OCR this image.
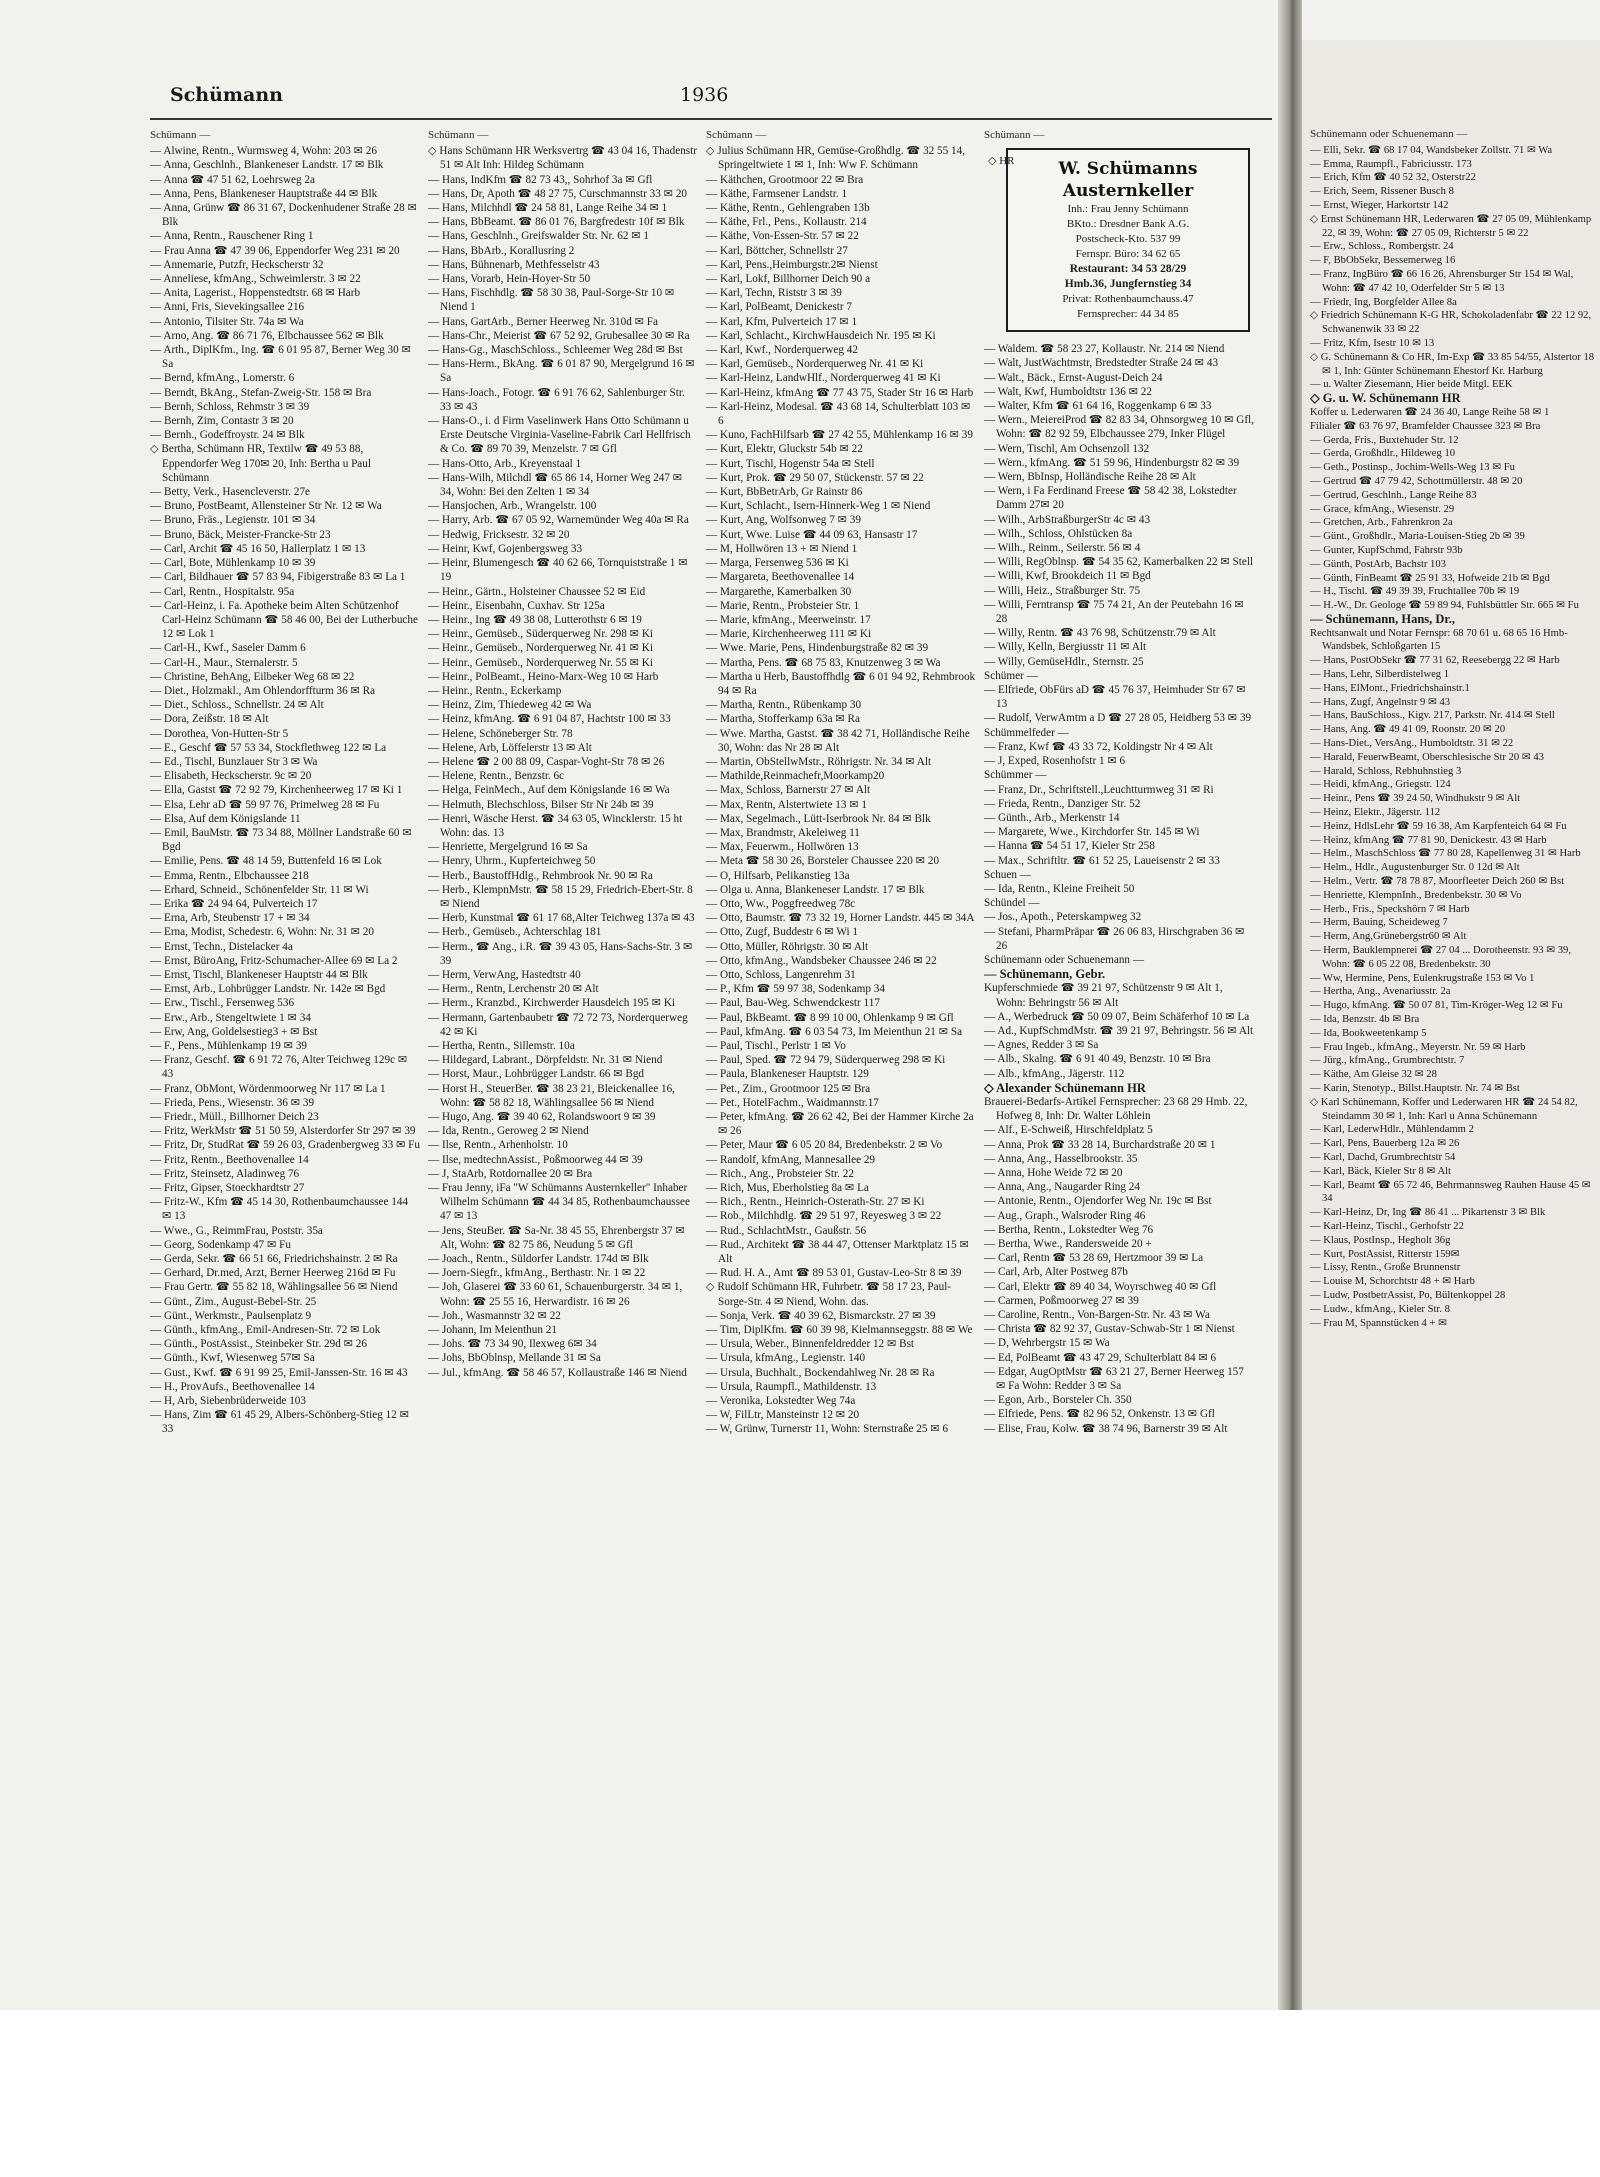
Schümann	1936
Schümann —
— Alwine, Rentn., Wurmsweg 4, Wohn: 203 ✉ 26
— Anna, Geschlnh., Blankeneser Landstr. 17 ✉ Blk
— Anna ☎ 47 51 62, Loehrsweg 2a
— Anna, Pens, Blankeneser Hauptstraße 44 ✉ Blk
— Anna, Grünw ☎ 86 31 67, Dockenhudener Straße 28 ✉ Blk
— Anna, Rentn., Rauschener Ring 1
— Frau Anna ☎ 47 39 06, Eppendorfer Weg 231 ✉ 20
— Annemarie, Putzfr, Heckscherstr 32
— Anneliese, kfmAng., Schweimlerstr. 3 ✉ 22
— Anita, Lagerist., Hoppenstedtstr. 68 ✉ Harb
— Anni, Fris, Sievekingsallee 216
— Antonio, Tilsiter Str. 74a ✉ Wa
— Arno, Ang. ☎ 86 71 76, Elbchaussee 562 ✉ Blk
— Arth., DiplKfm., Ing. ☎ 6 01 95 87, Berner Weg 30 ✉ Sa
— Bernd, kfmAng., Lomerstr. 6
— Berndt, BkAng., Stefan-Zweig-Str. 158 ✉ Bra
— Bernh, Schloss, Rehmstr 3 ✉ 39
— Bernh, Zim, Contastr 3 ✉ 20
— Bernh., Godeffroystr. 24 ✉ Blk
◇ Bertha, Schümann HR, Textilw ☎ 49 53 88, Eppendorfer Weg 170✉ 20, Inh: Bertha u Paul Schümann
— Betty, Verk., Hasencleverstr. 27e
— Bruno, PostBeamt, Allensteiner Str Nr. 12 ✉ Wa
— Bruno, Fräs., Legienstr. 101 ✉ 34
— Bruno, Bäck, Meister-Francke-Str 23
— Carl, Archit ☎ 45 16 50, Hallerplatz 1 ✉ 13
— Carl, Bote, Mühlenkamp 10 ✉ 39
— Carl, Bildhauer ☎ 57 83 94, Fibigerstraße 83 ✉ La 1
— Carl, Rentn., Hospitalstr. 95a
— Carl-Heinz, i. Fa. Apotheke beim Alten Schützenhof Carl-Heinz Schümann ☎ 58 46 00, Bei der Lutherbuche 12 ✉ Lok 1
— Carl-H., Kwf., Saseler Damm 6
— Carl-H., Maur., Sternalerstr. 5
— Christine, BehAng, Eilbeker Weg 68 ✉ 22
— Diet., Holzmakl., Am Ohlendorffturm 36 ✉ Ra
— Diet., Schloss., Schnellstr. 24 ✉ Alt
— Dora, Zeißstr. 18 ✉ Alt
— Dorothea, Von-Hutten-Str 5
— E., Geschf ☎ 57 53 34, Stockflethweg 122 ✉ La
— Ed., Tischl, Bunzlauer Str 3 ✉ Wa
— Elisabeth, Heckscherstr. 9c ✉ 20
— Ella, Gastst ☎ 72 92 79, Kirchenheerweg 17 ✉ Ki 1
— Elsa, Lehr aD ☎ 59 97 76, Primelweg 28 ✉ Fu
— Elsa, Auf dem Königslande 11
— Emil, BauMstr. ☎ 73 34 88, Möllner Landstraße 60 ✉ Bgd
— Emilie, Pens. ☎ 48 14 59, Buttenfeld 16 ✉ Lok
— Emma, Rentn., Elbchaussee 218
— Erhard, Schneid., Schönenfelder Str. 11 ✉ Wi
— Erika ☎ 24 94 64, Pulverteich 17
— Erna, Arb, Steubenstr 17 + ✉ 34
— Erna, Modist, Schedestr. 6, Wohn: Nr. 31 ✉ 20
— Ernst, Techn., Distelacker 4a
— Ernst, BüroAng, Fritz-Schumacher-Allee 69 ✉ La 2
— Ernst, Tischl, Blankeneser Hauptstr 44 ✉ Blk
— Ernst, Arb., Lohbrügger Landstr. Nr. 142e ✉ Bgd
— Erw., Tischl., Fersenweg 536
— Erw., Arb., Stengeltwiete 1 ✉ 34
— Erw, Ang, Goldelsestieg3 + ✉ Bst
— F., Pens., Mühlenkamp 19 ✉ 39
— Franz, Geschf. ☎ 6 91 72 76, Alter Teichweg 129c ✉ 43
— Franz, ObMont, Wördenmoorweg Nr 117 ✉ La 1
— Frieda, Pens., Wiesenstr. 36 ✉ 39
— Friedr., Müll., Billhorner Deich 23
— Fritz, WerkMstr ☎ 51 50 59, Alsterdorfer Str 297 ✉ 39
— Fritz, Dr, StudRat ☎ 59 26 03, Gradenbergweg 33 ✉ Fu
— Fritz, Rentn., Beethovenallee 14
— Fritz, Steinsetz, Aladinweg 76
— Fritz, Gipser, Stoeckhardtstr 27
— Fritz-W., Kfm ☎ 45 14 30, Rothenbaumchaussee 144 ✉ 13
— Wwe., G., ReimmFrau, Poststr. 35a
— Georg, Sodenkamp 47 ✉ Fu
— Gerda, Sekr. ☎ 66 51 66, Friedrichshainstr. 2 ✉ Ra
— Gerhard, Dr.med, Arzt, Berner Heerweg 216d ✉ Fu
— Frau Gertr. ☎ 55 82 18, Wählingsallee 56 ✉ Niend
— Günt., Zim., August-Bebel-Str. 25
— Günt., Werkmstr., Paulsenplatz 9
— Günth., kfmAng., Emil-Andresen-Str. 72 ✉ Lok
— Günth., PostAssist., Steinbeker Str. 29d ✉ 26
— Günth., Kwf, Wiesenweg 57✉ Sa
— Gust., Kwf. ☎ 6 91 99 25, Emil-Janssen-Str. 16 ✉ 43
— H., ProvAufs., Beethovenallee 14
— H, Arb, Siebenbrüderweide 103
— Hans, Zim ☎ 61 45 29, Albers-Schönberg-Stieg 12 ✉ 33
Schümann —
◇ Hans Schümann HR Werksvertrg ☎ 43 04 16, Thadenstr 51 ✉ Alt Inh: Hildeg Schümann
— Hans, IndKfm ☎ 82 73 43,, Sohrhof 3a ✉ Gfl
— Hans, Dr, Apoth ☎ 48 27 75, Curschmannstr 33 ✉ 20
— Hans, Milchhdl ☎ 24 58 81, Lange Reihe 34 ✉ 1
— Hans, BbBeamt. ☎ 86 01 76, Bargfredestr 10f ✉ Blk
— Hans, Geschlnh., Greifswalder Str. Nr. 62 ✉ 1
— Hans, BbArb., Korallusring 2
— Hans, Bühnenarb, Methfesselstr 43
— Hans, Vorarb, Hein-Hoyer-Str 50
— Hans, Fischhdlg. ☎ 58 30 38, Paul-Sorge-Str 10 ✉ Niend 1
— Hans, GartArb., Berner Heerweg Nr. 310d ✉ Fa
— Hans-Chr., Meierist ☎ 67 52 92, Grubesallee 30 ✉ Ra
— Hans-Gg., MaschSchloss., Schleemer Weg 28d ✉ Bst
— Hans-Herm., BkAng. ☎ 6 01 87 90, Mergelgrund 16 ✉ Sa
— Hans-Joach., Fotogr. ☎ 6 91 76 62, Sahlenburger Str. 33 ✉ 43
— Hans-O., i. d Firm Vaselinwerk Hans Otto Schümann u Erste Deutsche Virginia-Vaseline-Fabrik Carl Hellfrisch & Co. ☎ 89 70 39, Menzelstr. 7 ✉ Gfl
— Hans-Otto, Arb., Kreyenstaal 1
— Hans-Wilh, Milchdl ☎ 65 86 14, Horner Weg 247 ✉ 34, Wohn: Bei den Zelten 1 ✉ 34
— Hansjochen, Arb., Wrangelstr. 100
— Harry, Arb. ☎ 67 05 92, Warnemünder Weg 40a ✉ Ra
— Hedwig, Fricksestr. 32 ✉ 20
— Heinr, Kwf, Gojenbergsweg 33
— Heinr, Blumengesch ☎ 40 62 66, Tornquiststraße 1 ✉ 19
— Heinr., Gärtn., Holsteiner Chaussee 52 ✉ Eid
— Heinr., Eisenbahn, Cuxhav. Str 125a
— Heinr., Ing ☎ 49 38 08, Lutterothstr 6 ✉ 19
— Heinr., Gemüseb., Süderquerweg Nr. 298 ✉ Ki
— Heinr., Gemüseb., Norderquerweg Nr. 41 ✉ Ki
— Heinr., Gemüseb., Norderquerweg Nr. 55 ✉ Ki
— Heinr., PolBeamt., Heino-Marx-Weg 10 ✉ Harb
— Heinr., Rentn., Eckerkamp
— Heinz, Zim, Thiedeweg 42 ✉ Wa
— Heinz, kfmAng. ☎ 6 91 04 87, Hachtstr 100 ✉ 33
— Helene, Schöneberger Str. 78
— Helene, Arb, Löffelerstr 13 ✉ Alt
— Helene ☎ 2 00 88 09, Caspar-Voght-Str 78 ✉ 26
— Helene, Rentn., Benzstr. 6c
— Helga, FeinMech., Auf dem Königslande 16 ✉ Wa
— Helmuth, Blechschloss, Bilser Str Nr 24b ✉ 39
— Henri, Wäsche Herst. ☎ 34 63 05, Wincklerstr. 15 ht Wohn: das. 13
— Henriette, Mergelgrund 16 ✉ Sa
— Henry, Uhrm., Kupferteichweg 50
— Herb., BaustoffHdlg., Rehmbrook Nr. 90 ✉ Ra
— Herb., KlempnMstr. ☎ 58 15 29, Friedrich-Ebert-Str. 8 ✉ Niend
— Herb, Kunstmal ☎ 61 17 68,Alter Teichweg 137a ✉ 43
— Herb., Gemüseb., Achterschlag 181
— Herm., ☎ Ang., i.R. ☎ 39 43 05, Hans-Sachs-Str. 3 ✉ 39
— Herm, VerwAng, Hastedtstr 40
— Herm., Rentn, Lerchenstr 20 ✉ Alt
— Herm., Kranzbd., Kirchwerder Hausdeich 195 ✉ Ki
— Hermann, Gartenbaubetr ☎ 72 72 73, Norderquerweg 42 ✉ Ki
— Hertha, Rentn., Sillemstr. 10a
— Hildegard, Labrant., Dörpfeldstr. Nr. 31 ✉ Niend
— Horst, Maur., Lohbrügger Landstr. 66 ✉ Bgd
— Horst H., SteuerBer. ☎ 38 23 21, Bleickenallee 16, Wohn: ☎ 58 82 18, Wählingsallee 56 ✉ Niend
— Hugo, Ang. ☎ 39 40 62, Rolandswoort 9 ✉ 39
— Ida, Rentn., Geroweg 2 ✉ Niend
— Ilse, Rentn., Arhenholstr. 10
— Ilse, medtechnAssist., Poßmoorweg 44 ✉ 39
— J, StaArb, Rotdornallee 20 ✉ Bra
— Frau Jenny, iFa "W Schümanns Austernkeller" Inhaber Wilhelm Schümann ☎ 44 34 85, Rothenbaumchaussee 47 ✉ 13
— Jens, SteuBer. ☎ Sa-Nr. 38 45 55, Ehrenbergstr 37 ✉ Alt, Wohn: ☎ 82 75 86, Neudung 5 ✉ Gfl
— Joach., Rentn., Süldorfer Landstr. 174d ✉ Blk
— Joern-Siegfr., kfmAng., Berthastr. Nr. 1 ✉ 22
— Joh, Glaserei ☎ 33 60 61, Schauenburgerstr. 34 ✉ 1, Wohn: ☎ 25 55 16, Herwardistr. 16 ✉ 26
— Joh., Wasmannstr 32 ✉ 22
— Johann, Im Meienthun 21
— Johs. ☎ 73 34 90, Ilexweg 6✉ 34
— Johs, BbOblnsp, Mellande 31 ✉ Sa
— Jul., kfmAng. ☎ 58 46 57, Kollaustraße 146 ✉ Niend
Schümann —
◇ Julius Schümann HR, Gemüse-Großhdlg. ☎ 32 55 14, Springeltwiete 1 ✉ 1, Inh: Ww F. Schümann
— Käthchen, Grootmoor 22 ✉ Bra
— Käthe, Farmsener Landstr. 1
— Käthe, Rentn., Gehlengraben 13b
— Käthe, Frl., Pens., Kollaustr. 214
— Käthe, Von-Essen-Str. 57 ✉ 22
— Karl, Böttcher, Schnellstr 27
— Karl, Pens.,Heimburgstr.2✉ Nienst
— Karl, Lokf, Billhorner Deich 90 a
— Karl, Techn, Riststr 3 ✉ 39
— Karl, PolBeamt, Denickestr 7
— Karl, Kfm, Pulverteich 17 ✉ 1
— Karl, Schlacht., KirchwHausdeich Nr. 195 ✉ Ki
— Karl, Kwf., Norderquerweg 42
— Karl, Gemüseb., Norderquerweg Nr. 41 ✉ Ki
— Karl-Heinz, LandwHlf., Norderquerweg 41 ✉ Ki
— Karl-Heinz, kfmAng ☎ 77 43 75, Stader Str 16 ✉ Harb
— Karl-Heinz, Modesal. ☎ 43 68 14, Schulterblatt 103 ✉ 6
— Kuno, FachHilfsarb ☎ 27 42 55, Mühlenkamp 16 ✉ 39
— Kurt, Elektr, Gluckstr 54b ✉ 22
— Kurt, Tischl, Hogenstr 54a ✉ Stell
— Kurt, Prok. ☎ 29 50 07, Stückenstr. 57 ✉ 22
— Kurt, BbBetrArb, Gr Rainstr 86
— Kurt, Schlacht., Isern-Hinnerk-Weg 1 ✉ Niend
— Kurt, Ang, Wolfsonweg 7 ✉ 39
— Kurt, Wwe. Luise ☎ 44 09 63, Hansastr 17
— M, Hollwören 13 + ✉ Niend 1
— Marga, Fersenweg 536 ✉ Ki
— Margareta, Beethovenallee 14
— Margarethe, Kamerbalken 30
— Marie, Rentn., Probsteier Str. 1
— Marie, kfmAng., Meerweinstr. 17
— Marie, Kirchenheerweg 111 ✉ Ki
— Wwe. Marie, Pens, Hindenburgstraße 82 ✉ 39
— Martha, Pens. ☎ 68 75 83, Knutzenweg 3 ✉ Wa
— Martha u Herb, Baustoffhdlg ☎ 6 01 94 92, Rehmbrook 94 ✉ Ra
— Martha, Rentn., Rübenkamp 30
— Martha, Stofferkamp 63a ✉ Ra
— Wwe. Martha, Gastst. ☎ 38 42 71, Holländische Reihe 30, Wohn: das Nr 28 ✉ Alt
— Martin, ObStellwMstr., Röhrigstr. Nr. 34 ✉ Alt
— Mathilde,Reinmachefr,Moorkamp20
— Max, Schloss, Barnerstr 27 ✉ Alt
— Max, Rentn, Alstertwiete 13 ✉ 1
— Max, Segelmach., Lütt-Iserbrook Nr. 84 ✉ Blk
— Max, Brandmstr, Akeleiweg 11
— Max, Feuerwm., Hollwören 13
— Meta ☎ 58 30 26, Borsteler Chaussee 220 ✉ 20
— O, Hilfsarb, Pelikanstieg 13a
— Olga u. Anna, Blankeneser Landstr. 17 ✉ Blk
— Otto, Ww., Poggfreedweg 78c
— Otto, Baumstr. ☎ 73 32 19, Horner Landstr. 445 ✉ 34A
— Otto, Zugf, Buddestr 6 ✉ Wi 1
— Otto, Müller, Röhrigstr. 30 ✉ Alt
— Otto, kfmAng., Wandsbeker Chaussee 246 ✉ 22
— Otto, Schloss, Langenrehm 31
— P., Kfm ☎ 59 97 38, Sodenkamp 34
— Paul, Bau-Weg. Schwendckestr 117
— Paul, BkBeamt. ☎ 8 99 10 00, Ohlenkamp 9 ✉ Gfl
— Paul, kfmAng. ☎ 6 03 54 73, Im Meienthun 21 ✉ Sa
— Paul, Tischl., Perlstr 1 ✉ Vo
— Paul, Sped. ☎ 72 94 79, Süderquerweg 298 ✉ Ki
— Paula, Blankeneser Hauptstr. 129
— Pet., Zim., Grootmoor 125 ✉ Bra
— Pet., HotelFachm., Waidmannstr.17
— Peter, kfmAng. ☎ 26 62 42, Bei der Hammer Kirche 2a ✉ 26
— Peter, Maur ☎ 6 05 20 84, Bredenbekstr. 2 ✉ Vo
— Randolf, kfmAng, Mannesallee 29
— Rich., Ang., Probsteier Str. 22
— Rich, Mus, Eberholstieg 8a ✉ La
— Rich., Rentn., Heinrich-Osterath-Str. 27 ✉ Ki
— Rob., Milchhdlg. ☎ 29 51 97, Reyesweg 3 ✉ 22
— Rud., SchlachtMstr., Gaußstr. 56
— Rud., Architekt ☎ 38 44 47, Ottenser Marktplatz 15 ✉ Alt
— Rud. H. A., Amt ☎ 89 53 01, Gustav-Leo-Str 8 ✉ 39
◇ Rudolf Schümann HR, Fuhrbetr. ☎ 58 17 23, Paul-Sorge-Str. 4 ✉ Niend, Wohn. das.
— Sonja, Verk. ☎ 40 39 62, Bismarckstr. 27 ✉ 39
— Tim, DiplKfm. ☎ 60 39 98, Kielmannseggstr. 88 ✉ We
— Ursula, Weber., Binnenfeldredder 12 ✉ Bst
— Ursula, kfmAng., Legienstr. 140
— Ursula, Buchhalt., Bockendahlweg Nr. 28 ✉ Ra
— Ursula, Raumpfl., Mathildenstr. 13
— Veronika, Lokstedter Weg 74a
— W, FilLtr, Mansteinstr 12 ✉ 20
— W, Grünw, Turnerstr 11, Wohn: Sternstraße 25 ✉ 6
Schümann —
◇ HR	W. Schümanns
Austernkeller
Inh.: Frau Jenny Schümann
BKto.: Dresdner Bank A.G.
Postscheck-Kto. 537 99
Fernspr. Büro: 34 62 65
Restaurant: 34 53 28/29
Hmb.36, Jungfernstieg 34
Privat: Rothenbaumchauss.47
Fernsprecher: 44 34 85
— Waldem. ☎ 58 23 27, Kollaustr. Nr. 214 ✉ Niend
— Walt, JustWachtmstr, Bredstedter Straße 24 ✉ 43
— Walt., Bäck., Ernst-August-Deich 24
— Walt, Kwf, Humboldtstr 136 ✉ 22
— Walter, Kfm ☎ 61 64 16, Roggenkamp 6 ✉ 33
— Wern., MeiereiProd ☎ 82 83 34, Ohnsorgweg 10 ✉ Gfl, Wohn: ☎ 82 92 59, Elbchaussee 279, Inker Flügel
— Wern, Tischl, Am Ochsenzoll 132
— Wern., kfmAng. ☎ 51 59 96, Hindenburgstr 82 ✉ 39
— Wern, BbInsp, Holländische Reihe 28 ✉ Alt
— Wern, i Fa Ferdinand Freese ☎ 58 42 38, Lokstedter Damm 27✉ 20
— Wilh., ArbStraßburgerStr 4c ✉ 43
— Wilh., Schloss, Ohlstücken 8a
— Wilh., Reinm., Seilerstr. 56 ✉ 4
— Willi, RegOblnsp. ☎ 54 35 62, Kamerbalken 22 ✉ Stell
— Willi, Kwf, Brookdeich 11 ✉ Bgd
— Willi, Heiz., Straßburger Str. 75
— Willi, Ferntransp ☎ 75 74 21, An der Peutebahn 16 ✉ 28
— Willy, Rentn. ☎ 43 76 98, Schützenstr.79 ✉ Alt
— Willy, Kelln, Bergiusstr 11 ✉ Alt
— Willy, GemüseHdlr., Sternstr. 25
Schümer —
— Elfriede, ObFürs aD ☎ 45 76 37, Heimhuder Str 67 ✉ 13
— Rudolf, VerwAmtm a D ☎ 27 28 05, Heidberg 53 ✉ 39
Schümmelfeder —
— Franz, Kwf ☎ 43 33 72, Koldingstr Nr 4 ✉ Alt
— J, Exped, Rosenhofstr 1 ✉ 6
Schümmer —
— Franz, Dr., Schriftstell.,Leuchtturmweg 31 ✉ Ri
— Frieda, Rentn., Danziger Str. 52
— Günth., Arb., Merkenstr 14
— Margarete, Wwe., Kirchdorfer Str. 145 ✉ Wi
— Hanna ☎ 54 51 17, Kieler Str 258
— Max., Schriftltr. ☎ 61 52 25, Laueisenstr 2 ✉ 33
Schuen —
— Ida, Rentn., Kleine Freiheit 50
Schündel —
— Jos., Apoth., Peterskampweg 32
— Stefani, PharmPräpar ☎ 26 06 83, Hirschgraben 36 ✉ 26
Schünemann oder Schuenemann —
— Schünemann, Gebr.
Kupferschmiede ☎ 39 21 97, Schützenstr 9 ✉ Alt 1, Wohn: Behringstr 56 ✉ Alt
— A., Werbedruck ☎ 50 09 07, Beim Schäferhof 10 ✉ La
— Ad., KupfSchmdMstr. ☎ 39 21 97, Behringstr. 56 ✉ Alt
— Agnes, Redder 3 ✉ Sa
— Alb., Skalng. ☎ 6 91 40 49, Benzstr. 10 ✉ Bra
— Alb., kfmAng., Jägerstr. 112
◇ Alexander Schünemann HR
Brauerei-Bedarfs-Artikel Fernsprecher: 23 68 29 Hmb. 22, Hofweg 8, Inh: Dr. Walter Löhlein
— Alf., E-Schweiß, Hirschfeldplatz 5
— Anna, Prok ☎ 33 28 14, Burchardstraße 20 ✉ 1
— Anna, Ang., Hasselbrookstr. 35
— Anna, Hohe Weide 72 ✉ 20
— Anna, Ang., Naugarder Ring 24
— Antonie, Rentn., Ojendorfer Weg Nr. 19c ✉ Bst
— Aug., Graph., Walsroder Ring 46
— Bertha, Rentn., Lokstedter Weg 76
— Bertha, Wwe., Randersweide 20 +
— Carl, Rentn ☎ 53 28 69, Hertzmoor 39 ✉ La
— Carl, Arb, Alter Postweg 87b
— Carl, Elektr ☎ 89 40 34, Woyrschweg 40 ✉ Gfl
— Carmen, Poßmoorweg 27 ✉ 39
— Caroline, Rentn., Von-Bargen-Str. Nr. 43 ✉ Wa
— Christa ☎ 82 92 37, Gustav-Schwab-Str 1 ✉ Nienst
— D, Wehrbergstr 15 ✉ Wa
— Ed, PolBeamt ☎ 43 47 29, Schulterblatt 84 ✉ 6
— Edgar, AugOptMstr ☎ 63 21 27, Berner Heerweg 157 ✉ Fa Wohn: Redder 3 ✉ Sa
— Egon, Arb., Borsteler Ch. 350
— Elfriede, Pens. ☎ 82 96 52, Onkenstr. 13 ✉ Gfl
— Elise, Frau, Kolw. ☎ 38 74 96, Barnerstr 39 ✉ Alt
Schünemann oder Schuenemann —
— Elli, Sekr. ☎ 68 17 04, Wandsbeker Zollstr. 71 ✉ Wa
— Emma, Raumpfl., Fabriciusstr. 173
— Erich, Kfm ☎ 40 52 32, Osterstr22
— Erich, Seem, Rissener Busch 8
— Ernst, Wieger, Harkortstr 142
◇ Ernst Schünemann HR, Lederwaren ☎ 27 05 09, Mühlenkamp 22, ✉ 39, Wohn: ☎ 27 05 09, Richterstr 5 ✉ 22
— Erw., Schloss., Rombergstr. 24
— F, BbObSekr, Bessemerweg 16
— Franz, IngBüro ☎ 66 16 26, Ahrensburger Str 154 ✉ Wal, Wohn: ☎ 47 42 10, Oderfelder Str 5 ✉ 13
— Friedr, Ing, Borgfelder Allee 8a
◇ Friedrich Schünemann K-G HR, Schokoladenfabr ☎ 22 12 92, Schwanenwik 33 ✉ 22
— Fritz, Kfm, Isestr 10 ✉ 13
◇ G. Schünemann & Co HR, Im-Exp ☎ 33 85 54/55, Alstertor 18 ✉ 1, Inh: Günter Schünemann Ehestorf Kr. Harburg
— u. Walter Ziesemann, Hier beide Mitgl. EEK
◇ G. u. W. Schünemann HR
Koffer u. Lederwaren ☎ 24 36 40, Lange Reihe 58 ✉ 1
Filialer ☎ 63 76 97, Bramfelder Chaussee 323 ✉ Bra
— Gerda, Fris., Buxtehuder Str. 12
— Gerda, Großhdlr., Hildeweg 10
— Geth., Postinsp., Jochim-Wells-Weg 13 ✉ Fu
— Gertrud ☎ 47 79 42, Schottmüllerstr. 48 ✉ 20
— Gertrud, Geschlnh., Lange Reihe 83
— Grace, kfmAng., Wiesenstr. 29
— Gretchen, Arb., Fahrenkron 2a
— Günt., Großhdlr., Maria-Louisen-Stieg 2b ✉ 39
— Gunter, KupfSchmd, Fahrstr 93b
— Günth, PostArb, Bachstr 103
— Günth, FinBeamt ☎ 25 91 33, Hofweide 21b ✉ Bgd
— H., Tischl. ☎ 49 39 39, Fruchtallee 70b ✉ 19
— H.-W., Dr. Geologe ☎ 59 89 94, Fuhlsbüttler Str. 665 ✉ Fu
— Schünemann, Hans, Dr.,
Rechtsanwalt und Notar Fernspr: 68 70 61 u. 68 65 16 Hmb-Wandsbek, Schloßgarten 15
— Hans, PostObSekr ☎ 77 31 62, Reesebergg 22 ✉ Harb
— Hans, Lehr, Silberdistelweg 1
— Hans, ElMont., Friedrichshainstr.1
— Hans, Zugf, Angelnstr 9 ✉ 43
— Hans, BauSchloss., Kigv. 217, Parkstr. Nr. 414 ✉ Stell
— Hans, Ang. ☎ 49 41 09, Roonstr. 20 ✉ 20
— Hans-Diet., VersAng., Humboldtstr. 31 ✉ 22
— Harald, FeuerwBeamt, Oberschlesische Str 20 ✉ 43
— Harald, Schloss, Rebhuhnstieg 3
— Heidi, kfmAng., Griegstr. 124
— Heinr., Pens ☎ 39 24 50, Windhukstr 9 ✉ Alt
— Heinz, Elektr., Jägerstr. 112
— Heinz, HdlsLehr ☎ 59 16 38, Am Karpfenteich 64 ✉ Fu
— Heinz, kfmAng ☎ 77 81 90, Denickestr. 43 ✉ Harb
— Helm., MaschSchloss ☎ 77 80 28, Kapellenweg 31 ✉ Harb
— Helm., Hdlr., Augustenburger Str. 0 12d ✉ Alt
— Helm., Vertr. ☎ 78 78 87, Moorfleeter Deich 260 ✉ Bst
— Henriette, KlempnInh., Bredenbekstr. 30 ✉ Vo
— Herb., Fris., Speckshörn 7 ✉ Harb
— Herm, Bauing, Scheideweg 7
— Herm, Ang,Grünebergstr60 ✉ Alt
— Herm, Bauklempnerei ☎ 27 04 ... Dorotheenstr. 93 ✉ 39, Wohn: ☎ 6 05 22 08, Bredenbekstr. 30
— Ww, Hermine, Pens, Eulenkrugstraße 153 ✉ Vo 1
— Hertha, Ang., Avenariusstr. 2a
— Hugo, kfmAng. ☎ 50 07 81, Tim-Kröger-Weg 12 ✉ Fu
— Ida, Benzstr. 4b ✉ Bra
— Ida, Bookweetenkamp 5
— Frau Ingeb., kfmAng., Meyerstr. Nr. 59 ✉ Harb
— Jürg., kfmAng., Grumbrechtstr. 7
— Käthe, Am Gleise 32 ✉ 28
— Karin, Stenotyp., Billst.Hauptstr. Nr. 74 ✉ Bst
◇ Karl Schünemann, Koffer und Lederwaren HR ☎ 24 54 82, Steindamm 30 ✉ 1, Inh: Karl u Anna Schünemann
— Karl, LederwHdlr., Mühlendamm 2
— Karl, Pens, Bauerberg 12a ✉ 26
— Karl, Dachd, Grumbrechtstr 54
— Karl, Bäck, Kieler Str 8 ✉ Alt
— Karl, Beamt ☎ 65 72 46, Behrmannsweg Rauhen Hause 45 ✉ 34
— Karl-Heinz, Dr, Ing ☎ 86 41 ... Pikartenstr 3 ✉ Blk
— Karl-Heinz, Tischl., Gerhofstr 22
— Klaus, PostInsp., Hegholt 36g
— Kurt, PostAssist, Ritterstr 159✉
— Lissy, Rentn., Große Brunnenstr
— Louise M, Schorchtstr 48 + ✉ Harb
— Ludw, PostbetrAssist, Po, Bültenkoppel 28
— Ludw., kfmAng., Kieler Str. 8
— Frau M, Spannstücken 4 + ✉
